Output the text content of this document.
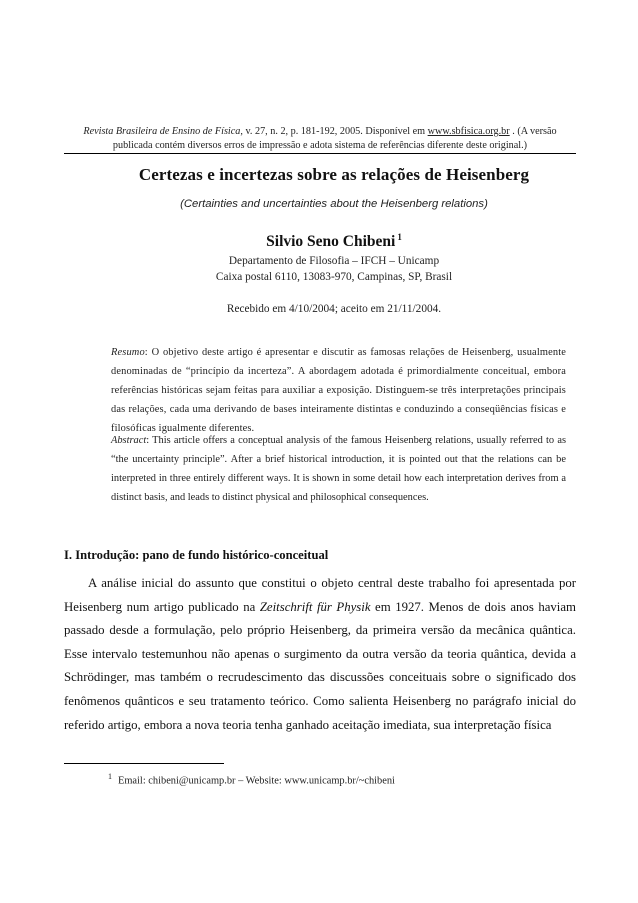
Revista Brasileira de Ensino de Física, v. 27, n. 2, p. 181-192, 2005. Disponível em www.sbfisica.org.br . (A versão publicada contém diversos erros de impressão e adota sistema de referências diferente deste original.)
Certezas e incertezas sobre as relações de Heisenberg
(Certainties and uncertainties about the Heisenberg relations)
Silvio Seno Chibeni $^1$
Departamento de Filosofia – IFCH – Unicamp
Caixa postal 6110, 13083-970, Campinas, SP, Brasil
Recebido em 4/10/2004; aceito em 21/11/2004.
Resumo: O objetivo deste artigo é apresentar e discutir as famosas relações de Heisenberg, usualmente denominadas de “princípio da incerteza”. A abordagem adotada é primordialmente conceitual, embora referências históricas sejam feitas para auxiliar a exposição. Distinguem-se três interpretações principais das relações, cada uma derivando de bases inteiramente distintas e conduzindo a conseqüências físicas e filosóficas igualmente diferentes.
Abstract: This article offers a conceptual analysis of the famous Heisenberg relations, usually referred to as “the uncertainty principle”. After a brief historical introduction, it is pointed out that the relations can be interpreted in three entirely different ways. It is shown in some detail how each interpretation derives from a distinct basis, and leads to distinct physical and philosophical consequences.
I. Introdução: pano de fundo histórico-conceitual

A análise inicial do assunto que constitui o objeto central deste trabalho foi apresentada por Heisenberg num artigo publicado na Zeitschrift für Physik em 1927. Menos de dois anos haviam passado desde a formulação, pelo próprio Heisenberg, da primeira versão da mecânica quântica. Esse intervalo testemunhou não apenas o surgimento da outra versão da teoria quântica, devida a Schrödinger, mas também o recrudescimento das discussões conceituais sobre o significado dos fenômenos quânticos e seu tratamento teórico. Como salienta Heisenberg no parágrafo inicial do referido artigo, embora a nova teoria tenha ganhado aceitação imediata, sua interpretação física

$^1$ Email: chibeni@unicamp.br – Website: www.unicamp.br/~chibeni
